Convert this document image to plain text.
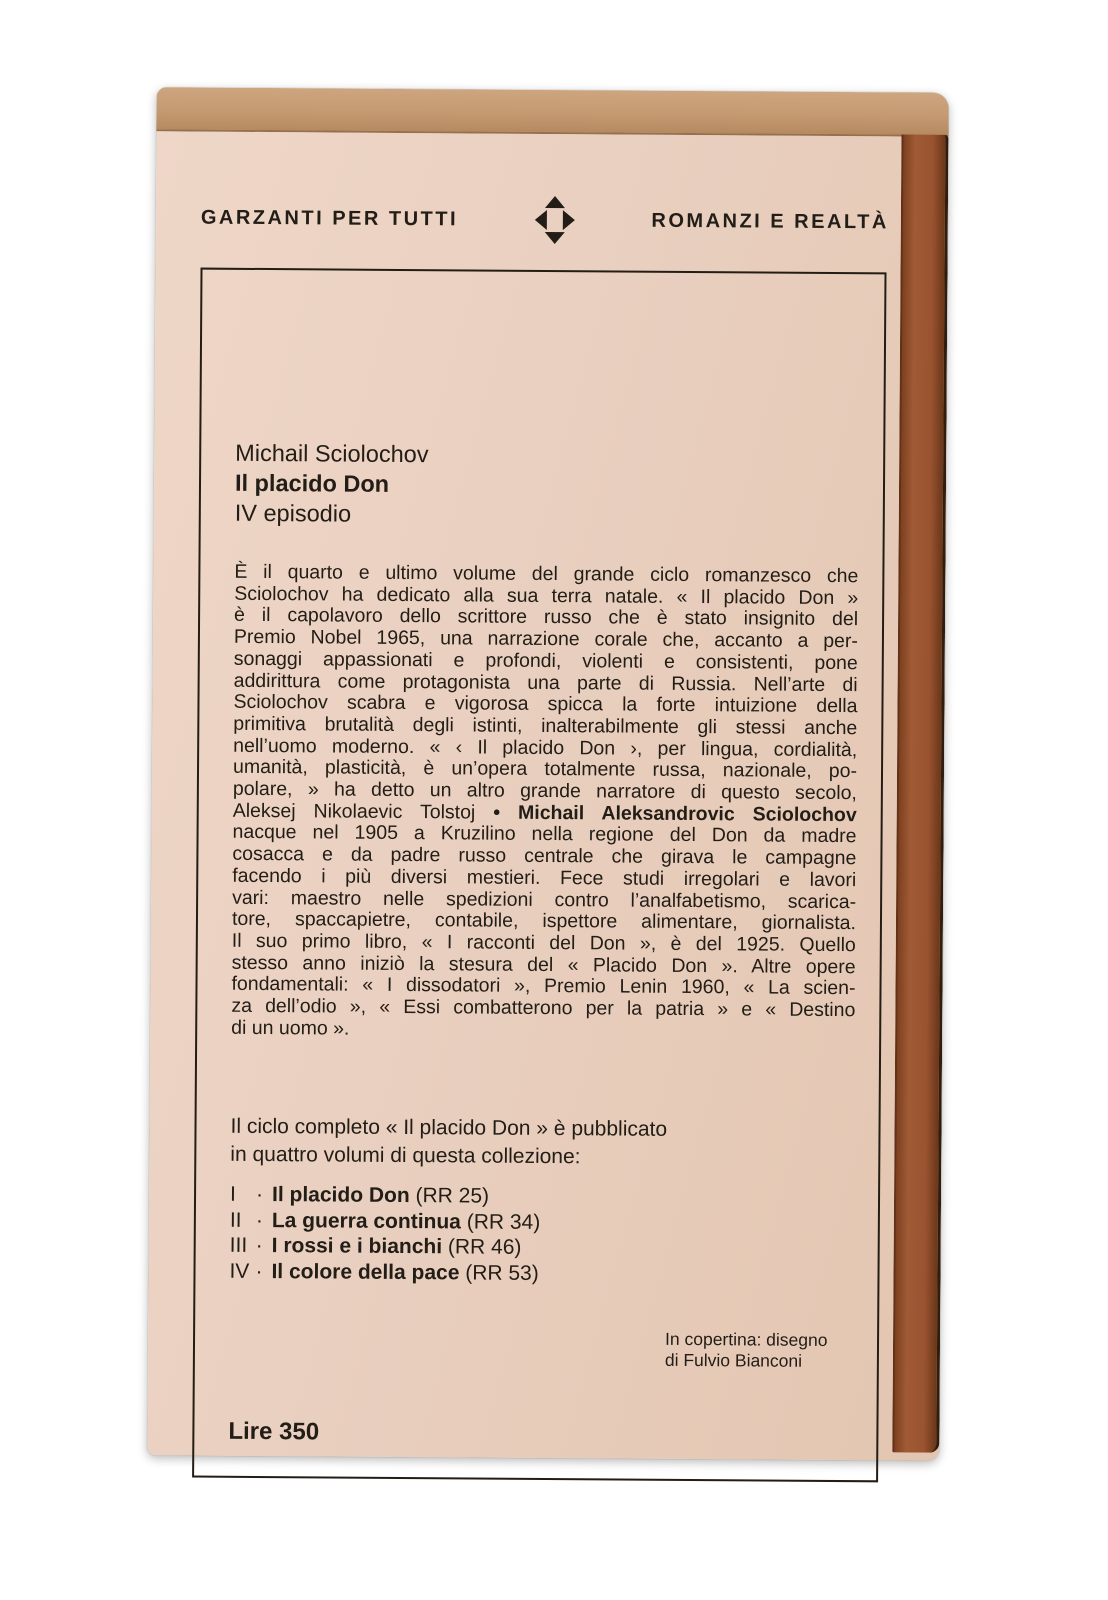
GARZANTI PER TUTTI	ROMANZI E REALTÀ
Michail Sciolochov
Il placido Don
IV episodio
È il quarto e ultimo volume del grande ciclo romanzesco che
Sciolochov ha dedicato alla sua terra natale. « Il placido Don »
è il capolavoro dello scrittore russo che è stato insignito del
Premio Nobel 1965, una narrazione corale che, accanto a per-
sonaggi appassionati e profondi, violenti e consistenti, pone
addirittura come protagonista una parte di Russia. Nell’arte di
Sciolochov scabra e vigorosa spicca la forte intuizione della
primitiva brutalità degli istinti, inalterabilmente gli stessi anche
nell’uomo moderno. « ‹ Il placido Don ›, per lingua, cordialità,
umanità, plasticità, è un’opera totalmente russa, nazionale, po-
polare, » ha detto un altro grande narratore di questo secolo,
Aleksej Nikolaevic Tolstoj • Michail Aleksandrovic Sciolochov
nacque nel 1905 a Kruzilino nella regione del Don da madre
cosacca e da padre russo centrale che girava le campagne
facendo i più diversi mestieri. Fece studi irregolari e lavori
vari: maestro nelle spedizioni contro l’analfabetismo, scarica-
tore, spaccapietre, contabile, ispettore alimentare, giornalista.
Il suo primo libro, « I racconti del Don », è del 1925. Quello
stesso anno iniziò la stesura del « Placido Don ». Altre opere
fondamentali: « I dissodatori », Premio Lenin 1960, « La scien-
za dell’odio », « Essi combatterono per la patria » e « Destino
di un uomo ».
Il ciclo completo « Il placido Don » è pubblicato
in quattro volumi di questa collezione:
I · Il placido Don (RR 25)
II · La guerra continua (RR 34)
III · I rossi e i bianchi (RR 46)
IV · Il colore della pace (RR 53)
In copertina: disegno
di Fulvio Bianconi
Lire 350
